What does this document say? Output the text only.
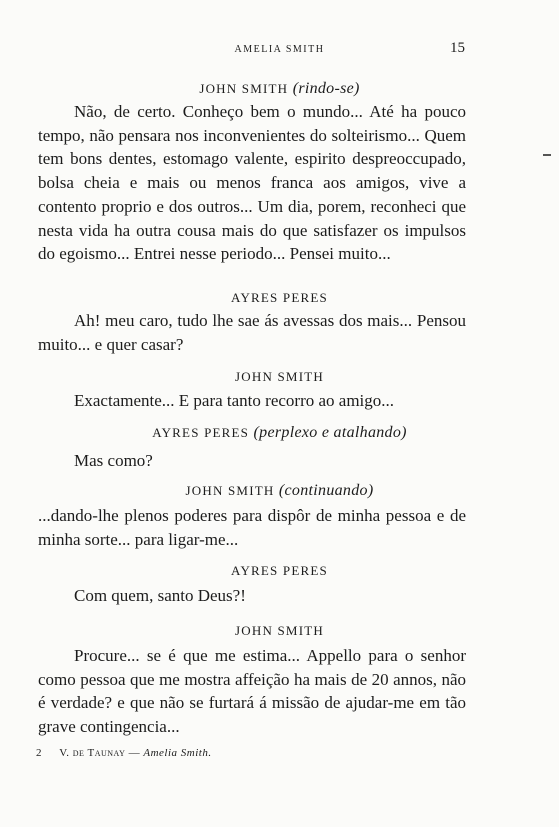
AMELIA SMITH	15
JOHN SMITH (rindo-se)
Não, de certo. Conheço bem o mundo... Até ha pouco tempo, não pensara nos inconvenientes do solteirismo... Quem tem bons dentes, estomago valente, espirito despreoccupado, bolsa cheia e mais ou menos franca aos amigos, vive a contento proprio e dos outros... Um dia, porem, reconheci que nesta vida ha outra cousa mais do que satisfazer os impulsos do egoismo... Entrei nesse periodo... Pensei muito...
AYRES PERES
Ah! meu caro, tudo lhe sae ás avessas dos mais... Pensou muito... e quer casar?
JOHN SMITH
Exactamente... E para tanto recorro ao amigo...
AYRES PERES (perplexo e atalhando)
Mas como?
JOHN SMITH (continuando)
...dando-lhe plenos poderes para dispôr de minha pessoa e de minha sorte... para ligar-me...
AYRES PERES
Com quem, santo Deus?!
JOHN SMITH
Procure... se é que me estima... Appello para o senhor como pessoa que me mostra affeição ha mais de 20 annos, não é verdade? e que não se furtará á missão de ajudar-me em tão grave contingencia...
2 V. de Taunay — Amelia Smith.
